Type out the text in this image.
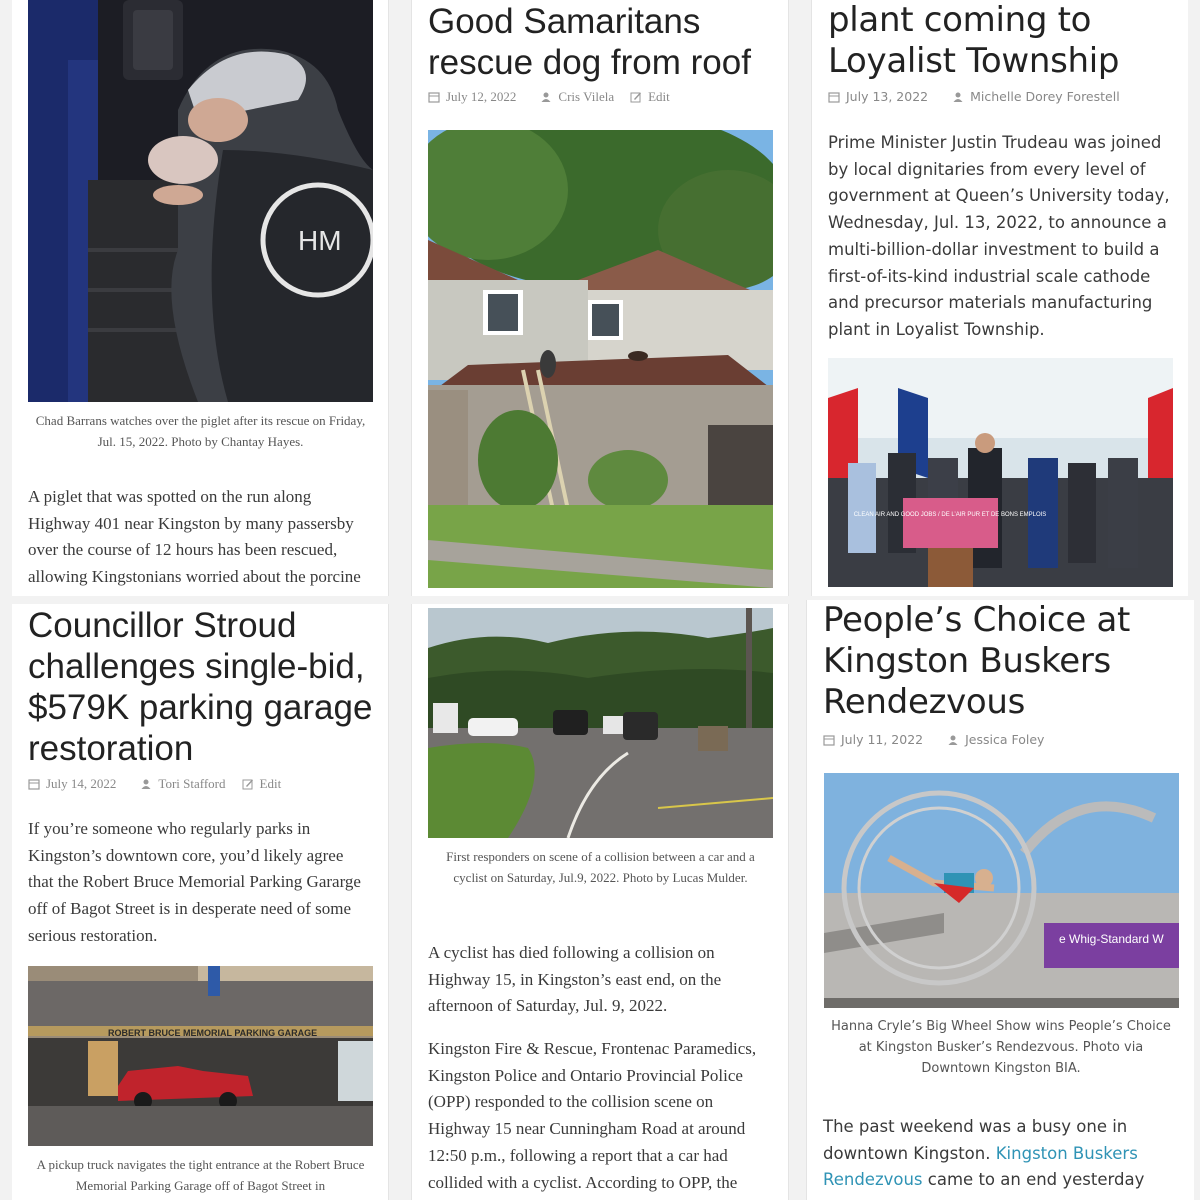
HM

Chad Barrans watches over the piglet after its rescue on Friday, Jul. 15, 2022. Photo by Chantay Hayes.

A piglet that was spotted on the run along Highway 401 near Kingston by many passersby over the course of 12 hours has been rescued, allowing Kingstonians worried about the porcine

Good Samaritans rescue dog from roof
July 12, 2022	Cris Vilela	Edit
plant coming to Loyalist Township
July 13, 2022	Michelle Dorey Forestell

Prime Minister Justin Trudeau was joined by local dignitaries from every level of government at Queen’s University today, Wednesday, Jul. 13, 2022, to announce a multi-billion-dollar investment to build a first-of-its-kind industrial scale cathode and precursor materials manufacturing plant in Loyalist Township.

CLEAN AIR AND GOOD JOBS / DE L’AIR PUR ET DE BONS EMPLOIS
Councillor Stroud challenges single-bid, $579K parking garage restoration
July 14, 2022	Tori Stafford	Edit

If you’re someone who regularly parks in Kingston’s downtown core, you’d likely agree that the Robert Bruce Memorial Parking Gararge off of Bagot Street is in desperate need of some serious restoration.

ROBERT BRUCE MEMORIAL PARKING GARAGE

A pickup truck navigates the tight entrance at the Robert Bruce Memorial Parking Garage off of Bagot Street in

First responders on scene of a collision between a car and a cyclist on Saturday, Jul.9, 2022. Photo by Lucas Mulder.

A cyclist has died following a collision on Highway 15, in Kingston’s east end, on the afternoon of Saturday, Jul. 9, 2022.

Kingston Fire & Rescue, Frontenac Paramedics, Kingston Police and Ontario Provincial Police (OPP) responded to the collision scene on Highway 15 near Cunningham Road at around 12:50 p.m., following a report that a car had collided with a cyclist. According to OPP, the

People’s Choice at Kingston Buskers Rendezvous
July 11, 2022	Jessica Foley
e Whig-Standard W

Hanna Cryle’s Big Wheel Show wins People’s Choice at Kingston Busker’s Rendezvous. Photo via Downtown Kingston BIA.

The past weekend was a busy one in downtown Kingston. Kingston Buskers Rendezvous came to an end yesterday
